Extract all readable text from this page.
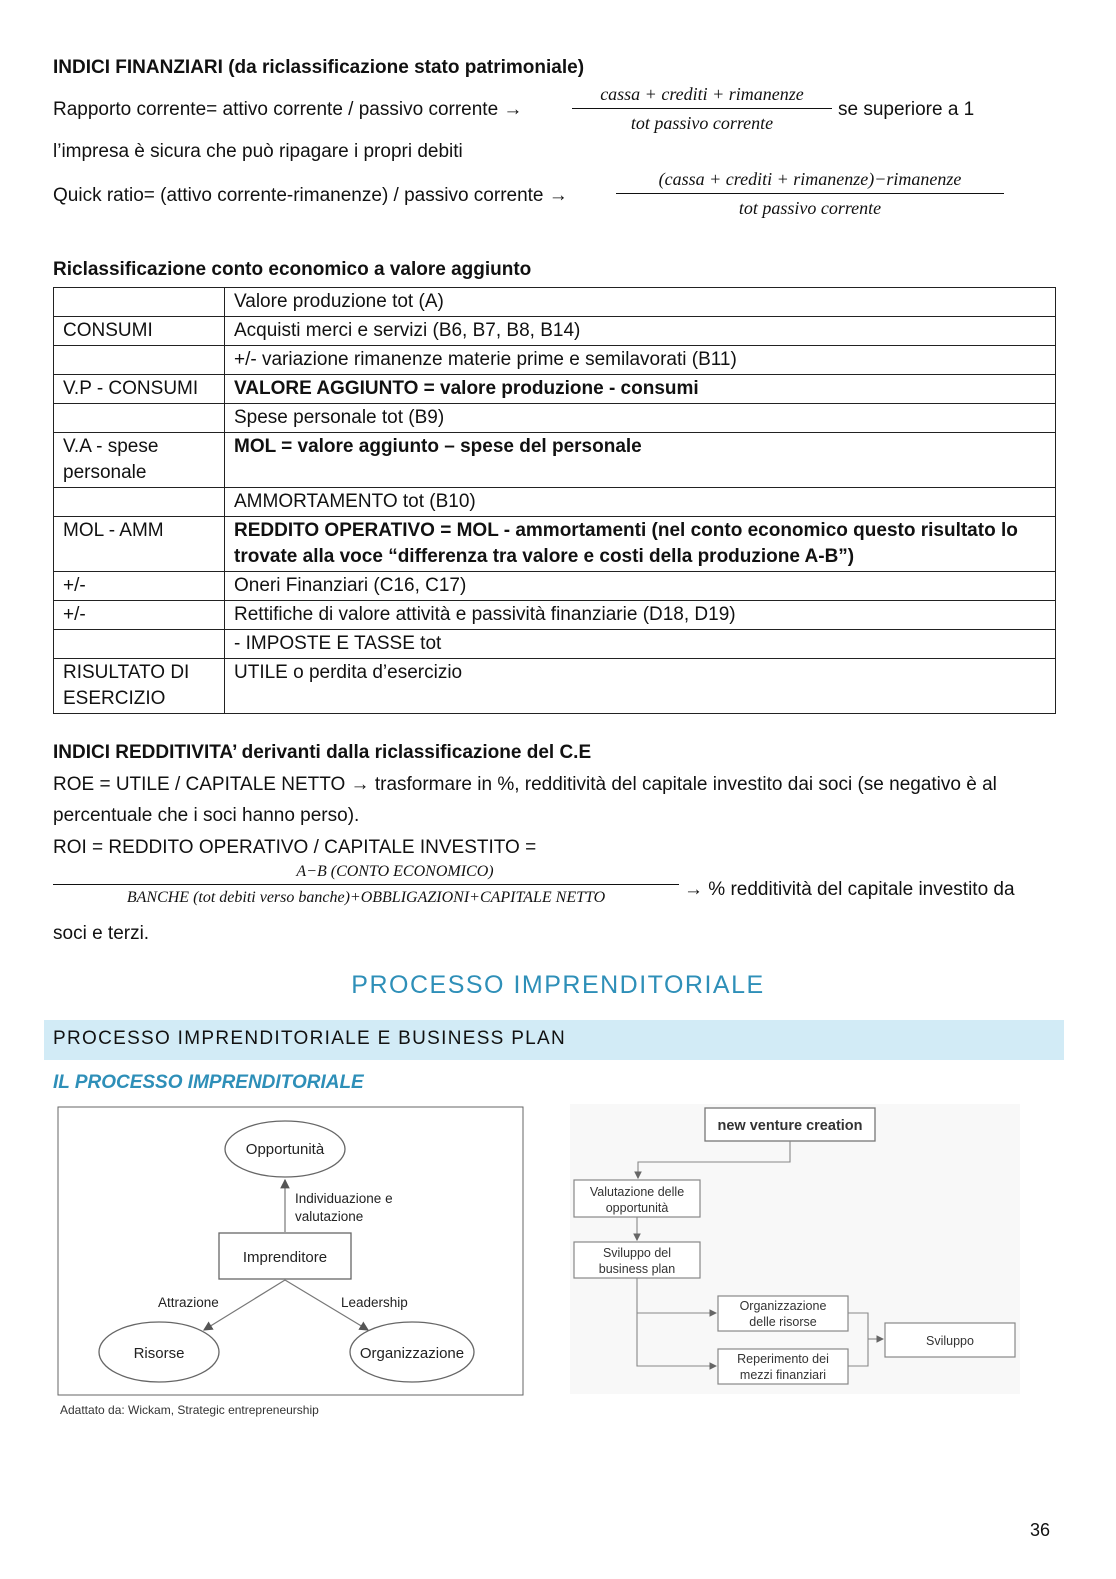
INDICI FINANZIARI (da riclassificazione stato patrimoniale)
Rapporto corrente= attivo corrente / passivo corrente →
cassa + crediti + rimanenze
tot passivo corrente
se superiore a 1
l’impresa è sicura che può ripagare i propri debiti
Quick ratio= (attivo corrente-rimanenze) / passivo corrente →
(cassa + crediti + rimanenze)−rimanenze
tot passivo corrente
Riclassificazione conto economico a valore aggiunto
	Valore produzione tot (A)
CONSUMI	Acquisti merci e servizi (B6, B7, B8, B14)
	+/- variazione rimanenze materie prime e semilavorati (B11)
V.P - CONSUMI	VALORE AGGIUNTO = valore produzione - consumi
	Spese personale tot (B9)
V.A - spese personale	MOL = valore aggiunto – spese del personale
	AMMORTAMENTO tot (B10)
MOL - AMM	REDDITO OPERATIVO = MOL - ammortamenti (nel conto economico questo risultato lo trovate alla voce “differenza tra valore e costi della produzione A-B”)
+/-	Oneri Finanziari (C16, C17)
+/-	Rettifiche di valore attività e passività finanziarie (D18, D19)
	- IMPOSTE E TASSE tot
RISULTATO DI ESERCIZIO	UTILE o perdita d’esercizio
INDICI REDDITIVITA’ derivanti dalla riclassificazione del C.E
ROE = UTILE / CAPITALE NETTO → trasformare in %, redditività del capitale investito dai soci (se negativo è al
percentuale che i soci hanno perso).
ROI = REDDITO OPERATIVO / CAPITALE INVESTITO =
A−B (CONTO ECONOMICO)
BANCHE (tot debiti verso banche)+OBBLIGAZIONI+CAPITALE NETTO	→ % redditività del capitale investito da
soci e terzi.
PROCESSO IMPRENDITORIALE
PROCESSO IMPRENDITORIALE E BUSINESS PLAN
IL PROCESSO IMPRENDITORIALE
Opportunità
Individuazione e
valutazione
Imprenditore
Attrazione	Leadership
Risorse	Organizzazione
Adattato da: Wickam, Strategic entrepreneurship
new venture creation
Valutazione delle
opportunità
Sviluppo del
business plan
Organizzazione
delle risorse
Reperimento dei
mezzi finanziari
Sviluppo
36
